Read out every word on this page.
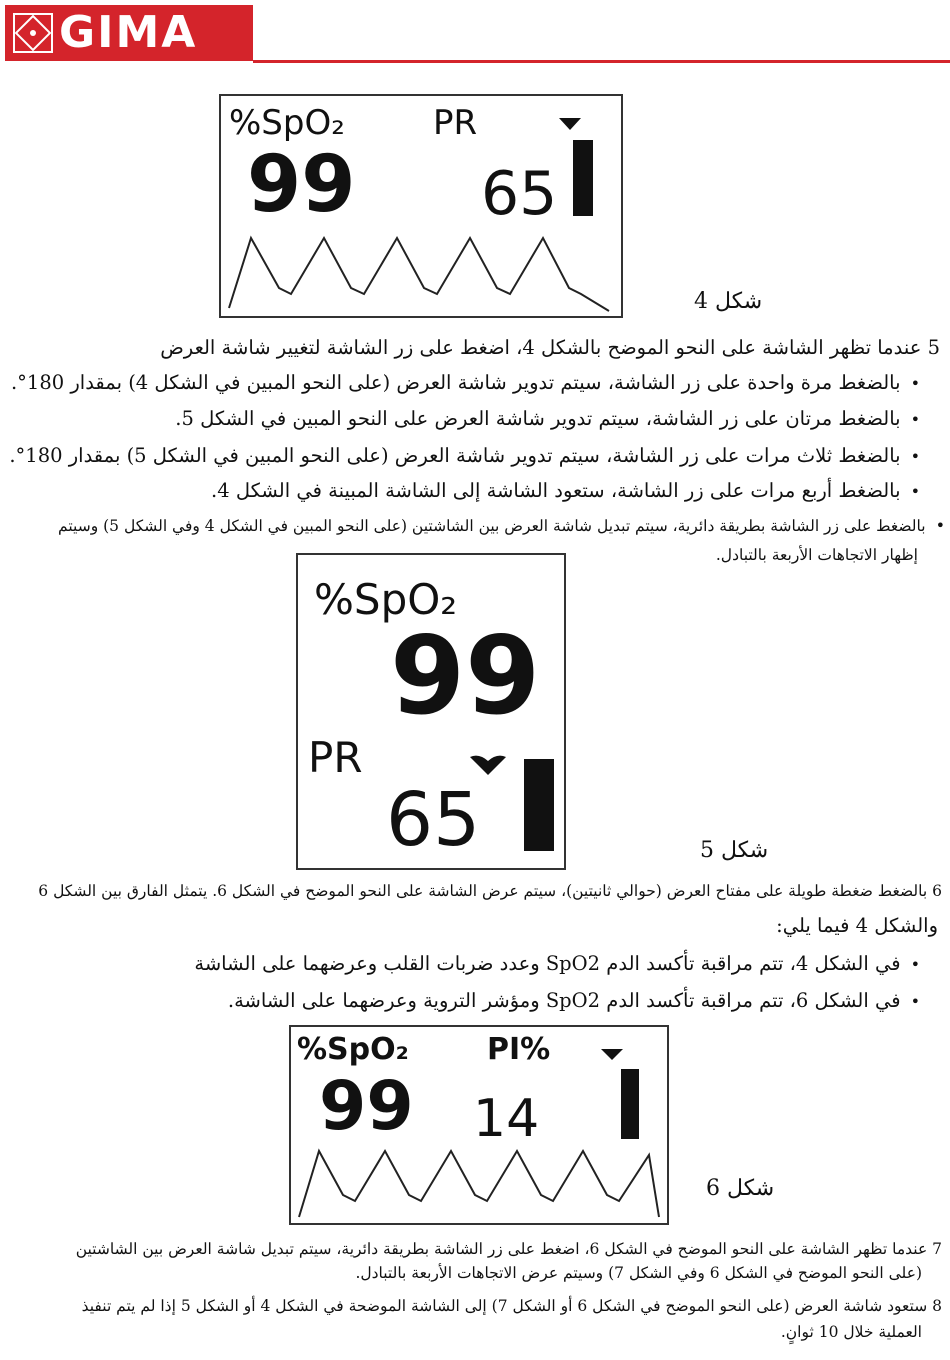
GIMA
%SpO₂	PR
99 65
شكل 4
5 عندما تظهر الشاشة على النحو الموضح بالشكل 4، اضغط على زر الشاشة لتغيير شاشة العرض
• بالضغط مرة واحدة على زر الشاشة، سيتم تدوير شاشة العرض (على النحو المبين في الشكل 4) بمقدار 180°.
• بالضغط مرتان على زر الشاشة، سيتم تدوير شاشة العرض على النحو المبين في الشكل 5.
• بالضغط ثلاث مرات على زر الشاشة، سيتم تدوير شاشة العرض (على النحو المبين في الشكل 5) بمقدار 180°.
• بالضغط أربع مرات على زر الشاشة، ستعود الشاشة إلى الشاشة المبينة في الشكل 4.
• بالضغط على زر الشاشة بطريقة دائرية، سيتم تبديل شاشة العرض بين الشاشتين (على النحو المبين في الشكل 4 وفي الشكل 5) وسيتم
إظهار الاتجاهات الأربعة بالتبادل.
%SpO₂
99
PR
65	شكل 5
6 بالضغط ضغطة طويلة على مفتاح العرض (حوالي ثانيتين)، سيتم عرض الشاشة على النحو الموضح في الشكل 6. يتمثل الفارق بين الشكل 6
والشكل 4 فيما يلي:
• في الشكل 4، تتم مراقبة تأكسد الدم SpO2 وعدد ضربات القلب وعرضهما على الشاشة
• في الشكل 6، تتم مراقبة تأكسد الدم SpO2 ومؤشر التروية وعرضهما على الشاشة.
%SpO₂	PI%
99 14
شكل 6
7 عندما تظهر الشاشة على النحو الموضح في الشكل 6، اضغط على زر الشاشة بطريقة دائرية، سيتم تبديل شاشة العرض بين الشاشتين
(على النحو الموضح في الشكل 6 وفي الشكل 7) وسيتم عرض الاتجاهات الأربعة بالتبادل.
8 ستعود شاشة العرض (على النحو الموضح في الشكل 6 أو الشكل 7) إلى الشاشة الموضحة في الشكل 4 أو الشكل 5 إذا لم يتم تنفيذ
العملية خلال 10 ثوانٍ.
